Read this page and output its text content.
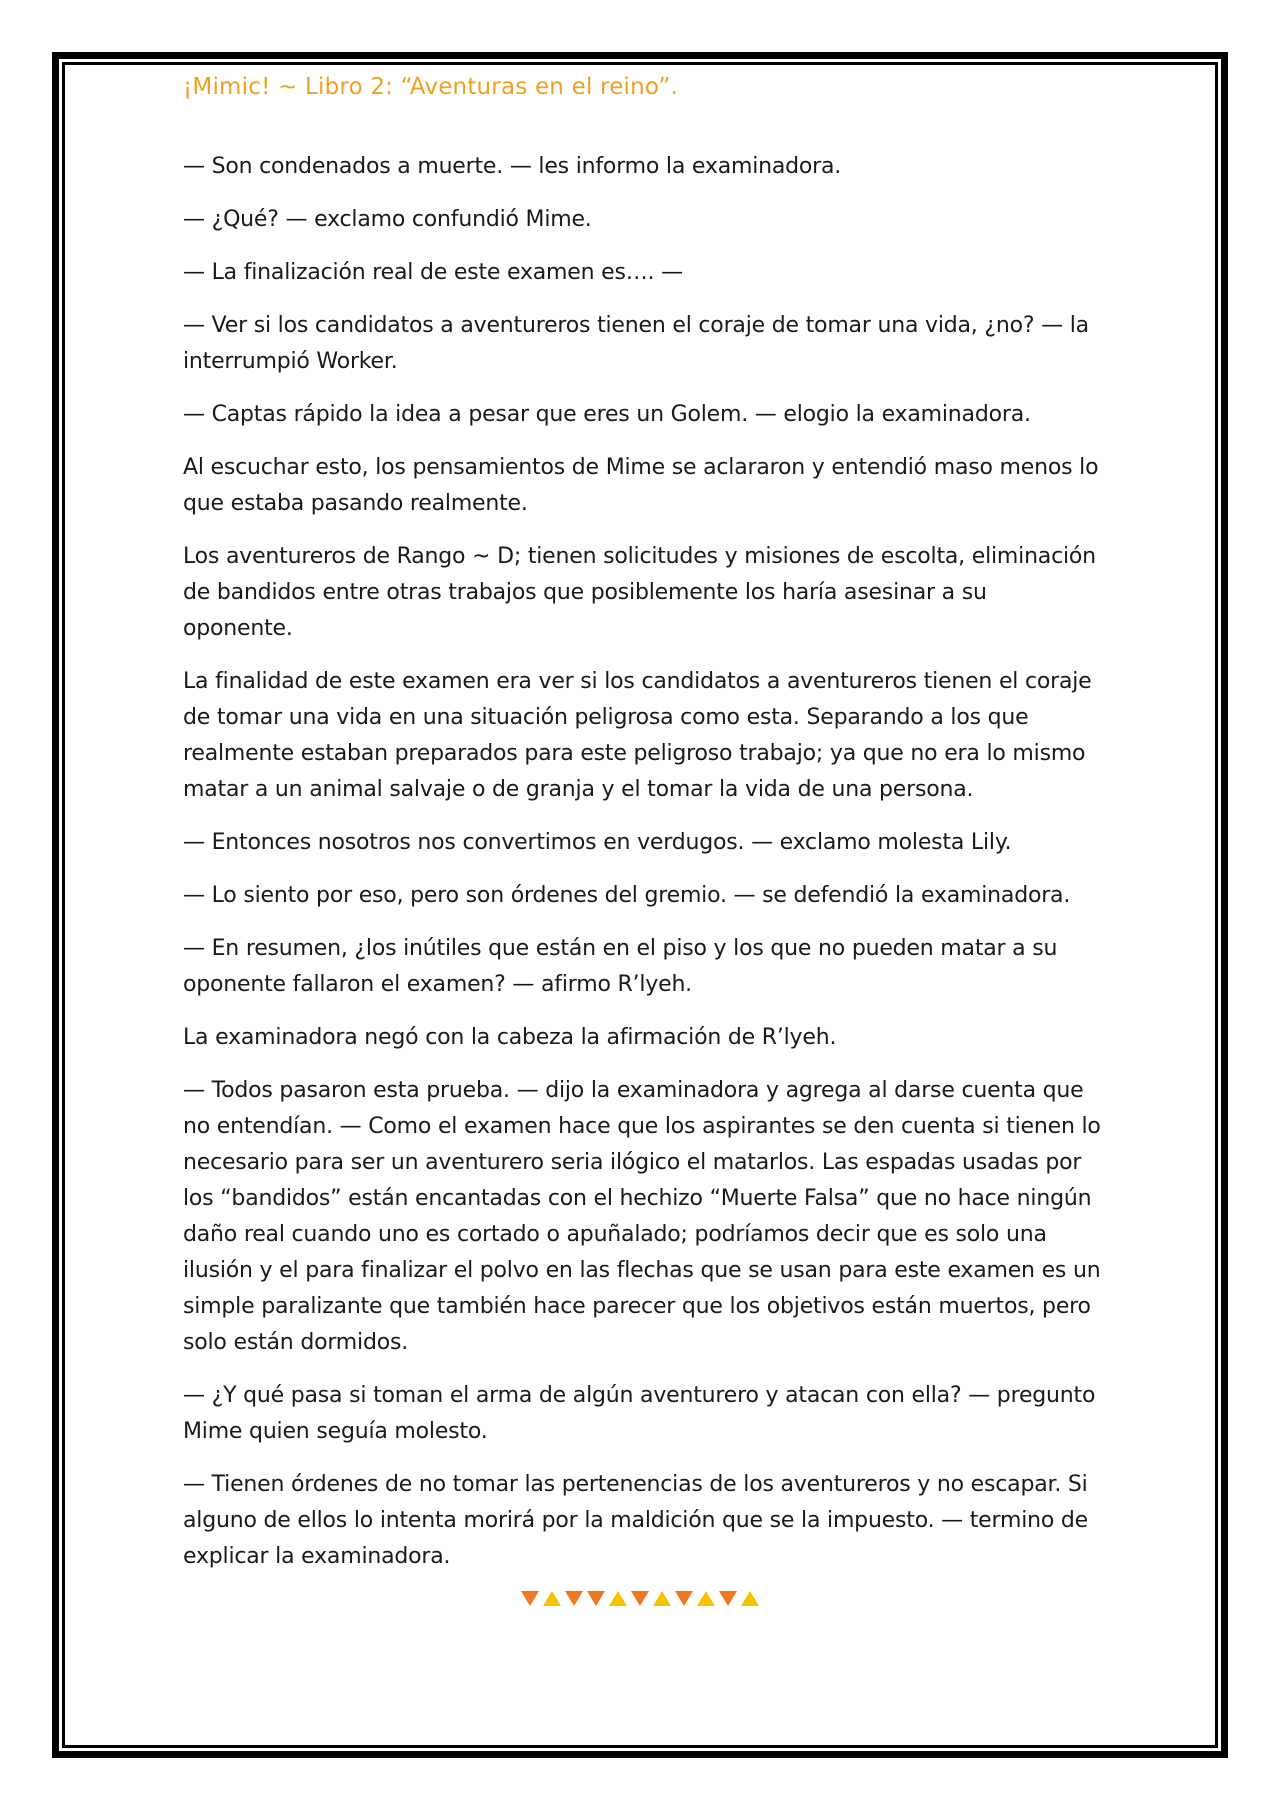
¡Mimic! ~ Libro 2: “Aventuras en el reino”.

— Son condenados a muerte. — les informo la examinadora.

— ¿Qué? — exclamo confundió Mime.

— La finalización real de este examen es…. —

— Ver si los candidatos a aventureros tienen el coraje de tomar una vida, ¿no? — la interrumpió Worker.

— Captas rápido la idea a pesar que eres un Golem. — elogio la examinadora.

Al escuchar esto, los pensamientos de Mime se aclararon y entendió maso menos lo que estaba pasando realmente.

Los aventureros de Rango ~ D; tienen solicitudes y misiones de escolta, eliminación de bandidos entre otras trabajos que posiblemente los haría asesinar a su oponente.

La finalidad de este examen era ver si los candidatos a aventureros tienen el coraje de tomar una vida en una situación peligrosa como esta. Separando a los que realmente estaban preparados para este peligroso trabajo; ya que no era lo mismo matar a un animal salvaje o de granja y el tomar la vida de una persona.

— Entonces nosotros nos convertimos en verdugos. — exclamo molesta Lily.

— Lo siento por eso, pero son órdenes del gremio. — se defendió la examinadora.

— En resumen, ¿los inútiles que están en el piso y los que no pueden matar a su oponente fallaron el examen? — afirmo R’lyeh.

La examinadora negó con la cabeza la afirmación de R’lyeh.

— Todos pasaron esta prueba. — dijo la examinadora y agrega al darse cuenta que no entendían. — Como el examen hace que los aspirantes se den cuenta si tienen lo necesario para ser un aventurero seria ilógico el matarlos. Las espadas usadas por los “bandidos” están encantadas con el hechizo “Muerte Falsa” que no hace ningún daño real cuando uno es cortado o apuñalado; podríamos decir que es solo una ilusión y el para finalizar el polvo en las flechas que se usan para este examen es un simple paralizante que también hace parecer que los objetivos están muertos, pero solo están dormidos.

— ¿Y qué pasa si toman el arma de algún aventurero y atacan con ella? — pregunto Mime quien seguía molesto.

— Tienen órdenes de no tomar las pertenencias de los aventureros y no escapar. Si alguno de ellos lo intenta morirá por la maldición que se la impuesto. — termino de explicar la examinadora.
